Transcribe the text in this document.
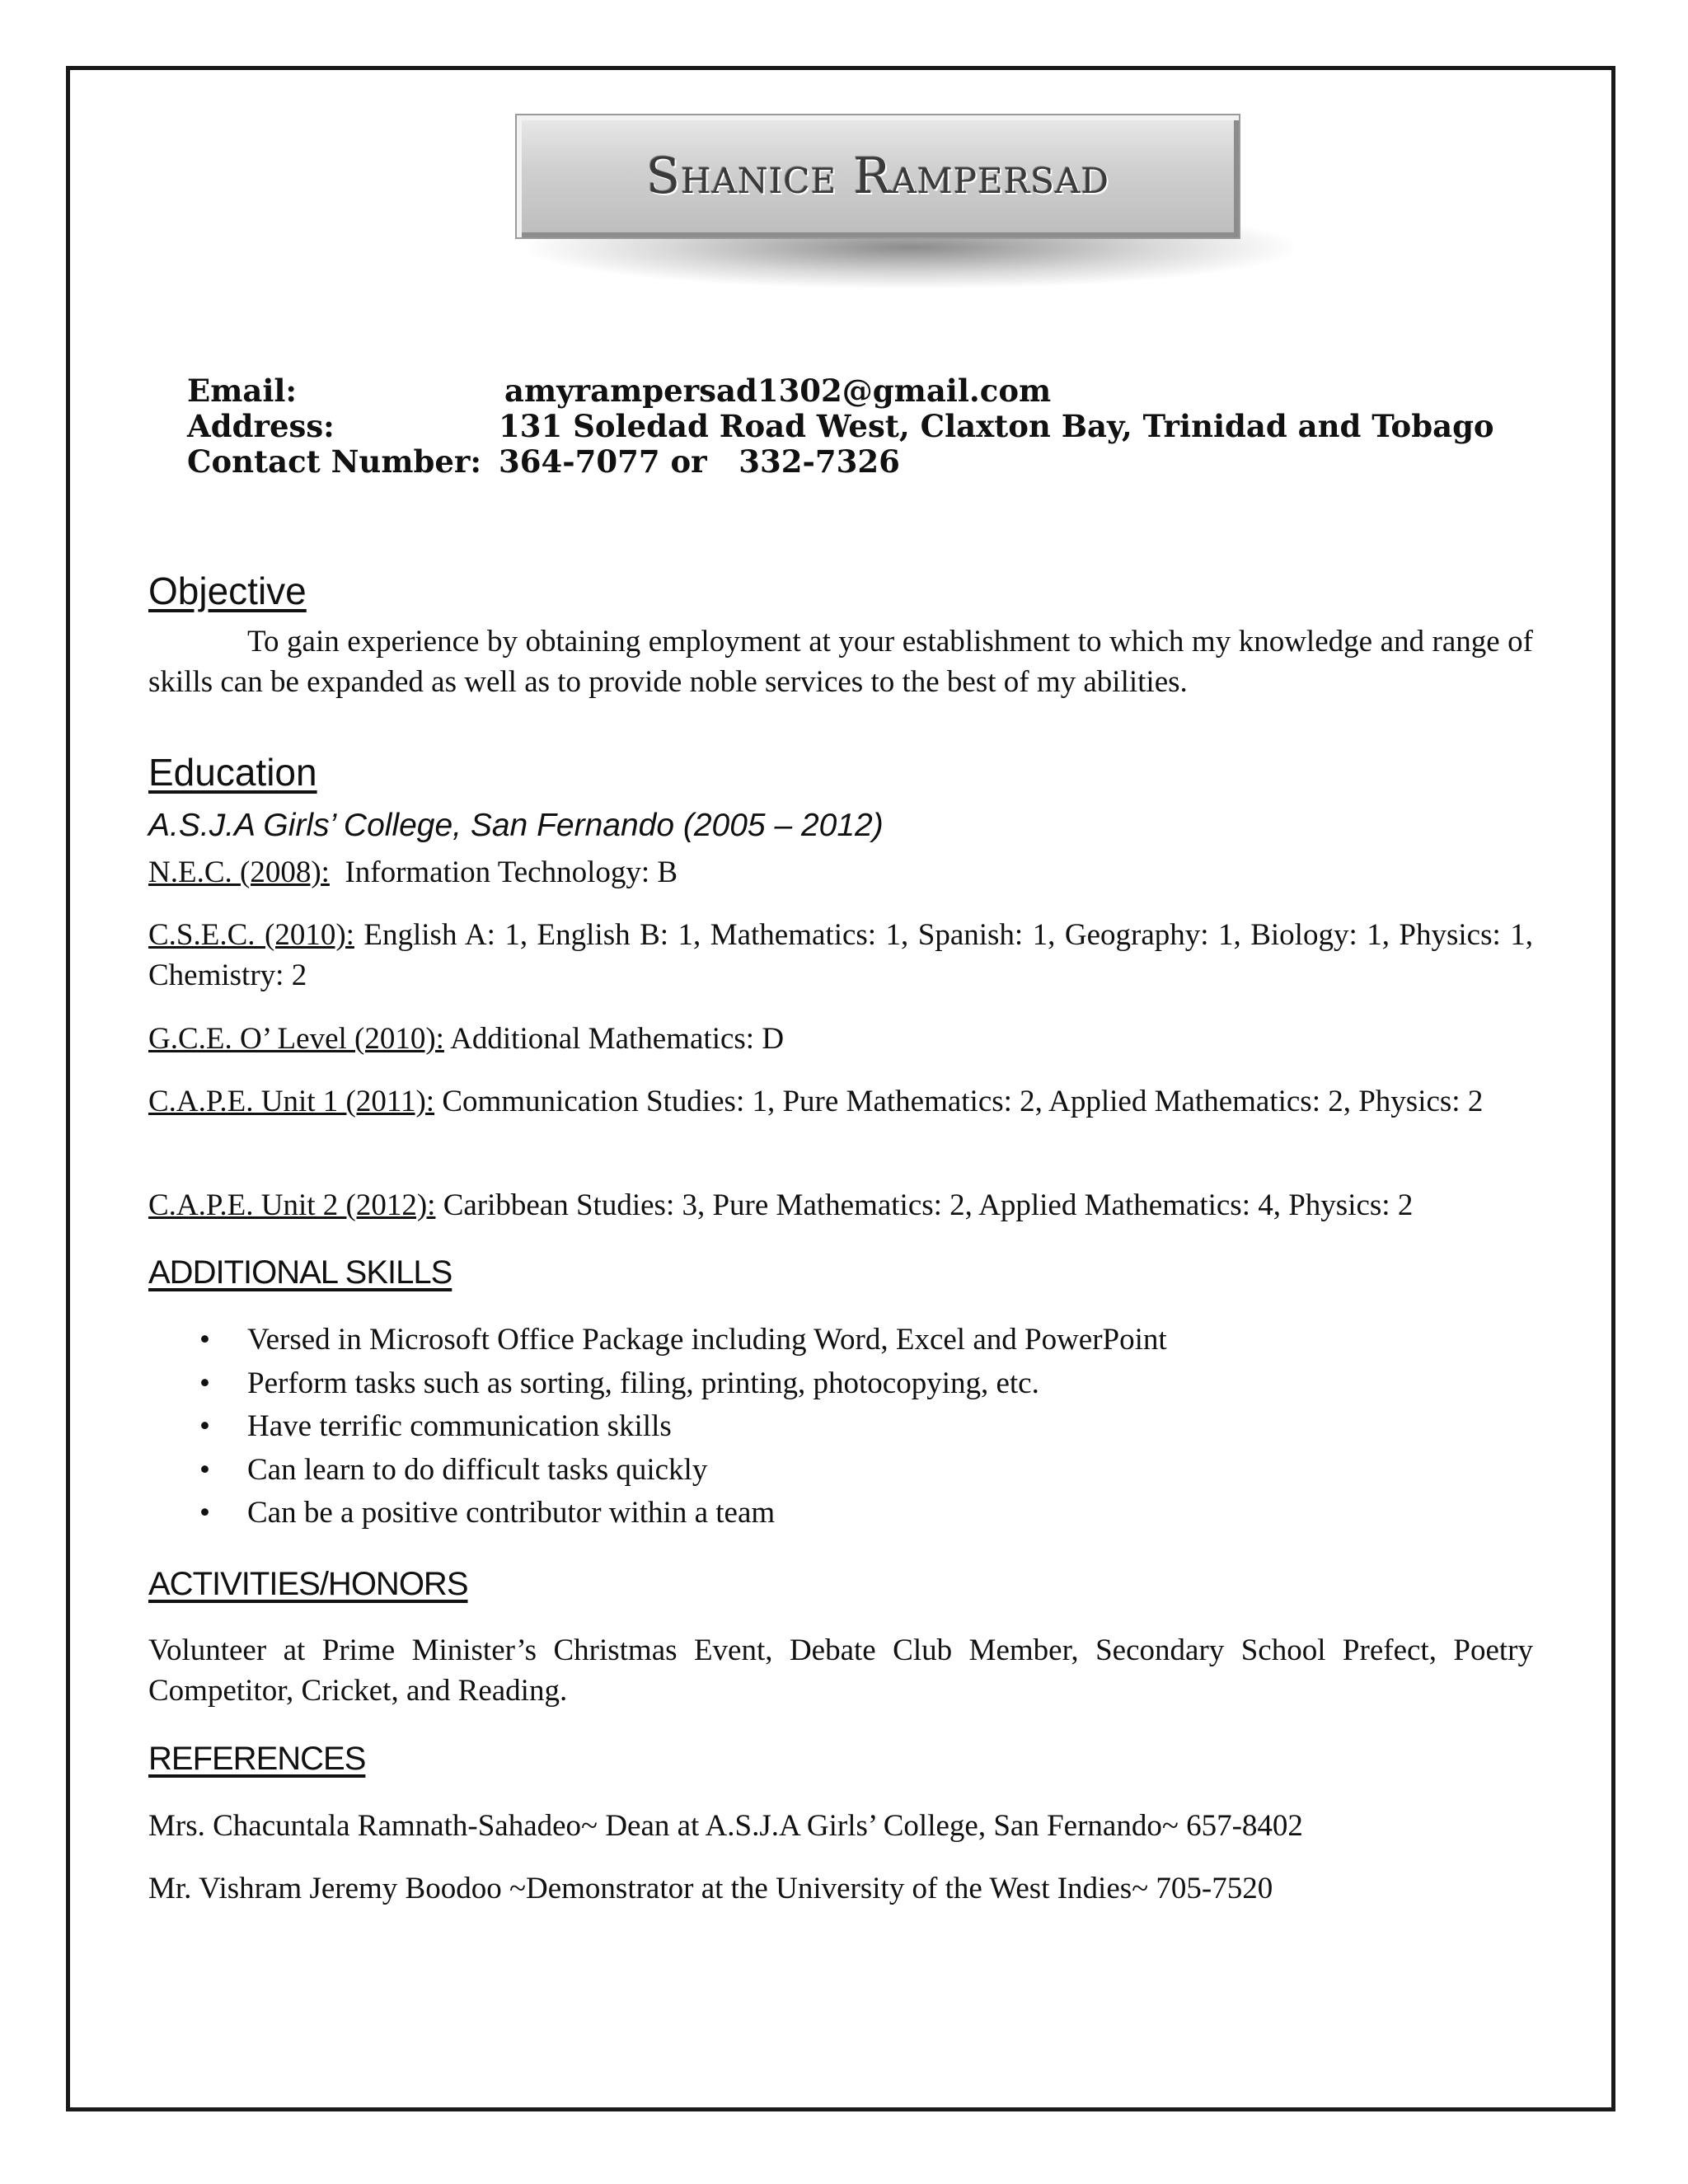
Shanice Rampersad
Email:	amyrampersad1302@gmail.com
Address:	131 Soledad Road West, Claxton Bay, Trinidad and Tobago
Contact Number: 364-7077 or   332-7326
Objective
To gain experience by obtaining employment at your establishment to which my knowledge and range of skills can be expanded as well as to provide noble services to the best of my abilities.
Education
A.S.J.A Girls’ College, San Fernando (2005 – 2012)
N.E.C. (2008): Information Technology: B
C.S.E.C. (2010): English A: 1, English B: 1, Mathematics: 1, Spanish: 1, Geography: 1, Biology: 1, Physics: 1, Chemistry: 2
G.C.E. O’ Level (2010): Additional Mathematics: D
C.A.P.E. Unit 1 (2011): Communication Studies: 1, Pure Mathematics: 2, Applied Mathematics: 2, Physics: 2
C.A.P.E. Unit 2 (2012): Caribbean Studies: 3, Pure Mathematics: 2, Applied Mathematics: 4, Physics: 2
ADDITIONAL SKILLS
• Versed in Microsoft Office Package including Word, Excel and PowerPoint
• Perform tasks such as sorting, filing, printing, photocopying, etc.
• Have terrific communication skills
• Can learn to do difficult tasks quickly
• Can be a positive contributor within a team
ACTIVITIES/HONORS
Volunteer at Prime Minister’s Christmas Event, Debate Club Member, Secondary School Prefect, Poetry Competitor, Cricket, and Reading.
REFERENCES
Mrs. Chacuntala Ramnath-Sahadeo~ Dean at A.S.J.A Girls’ College, San Fernando~ 657-8402
Mr. Vishram Jeremy Boodoo ~Demonstrator at the University of the West Indies~ 705-7520
